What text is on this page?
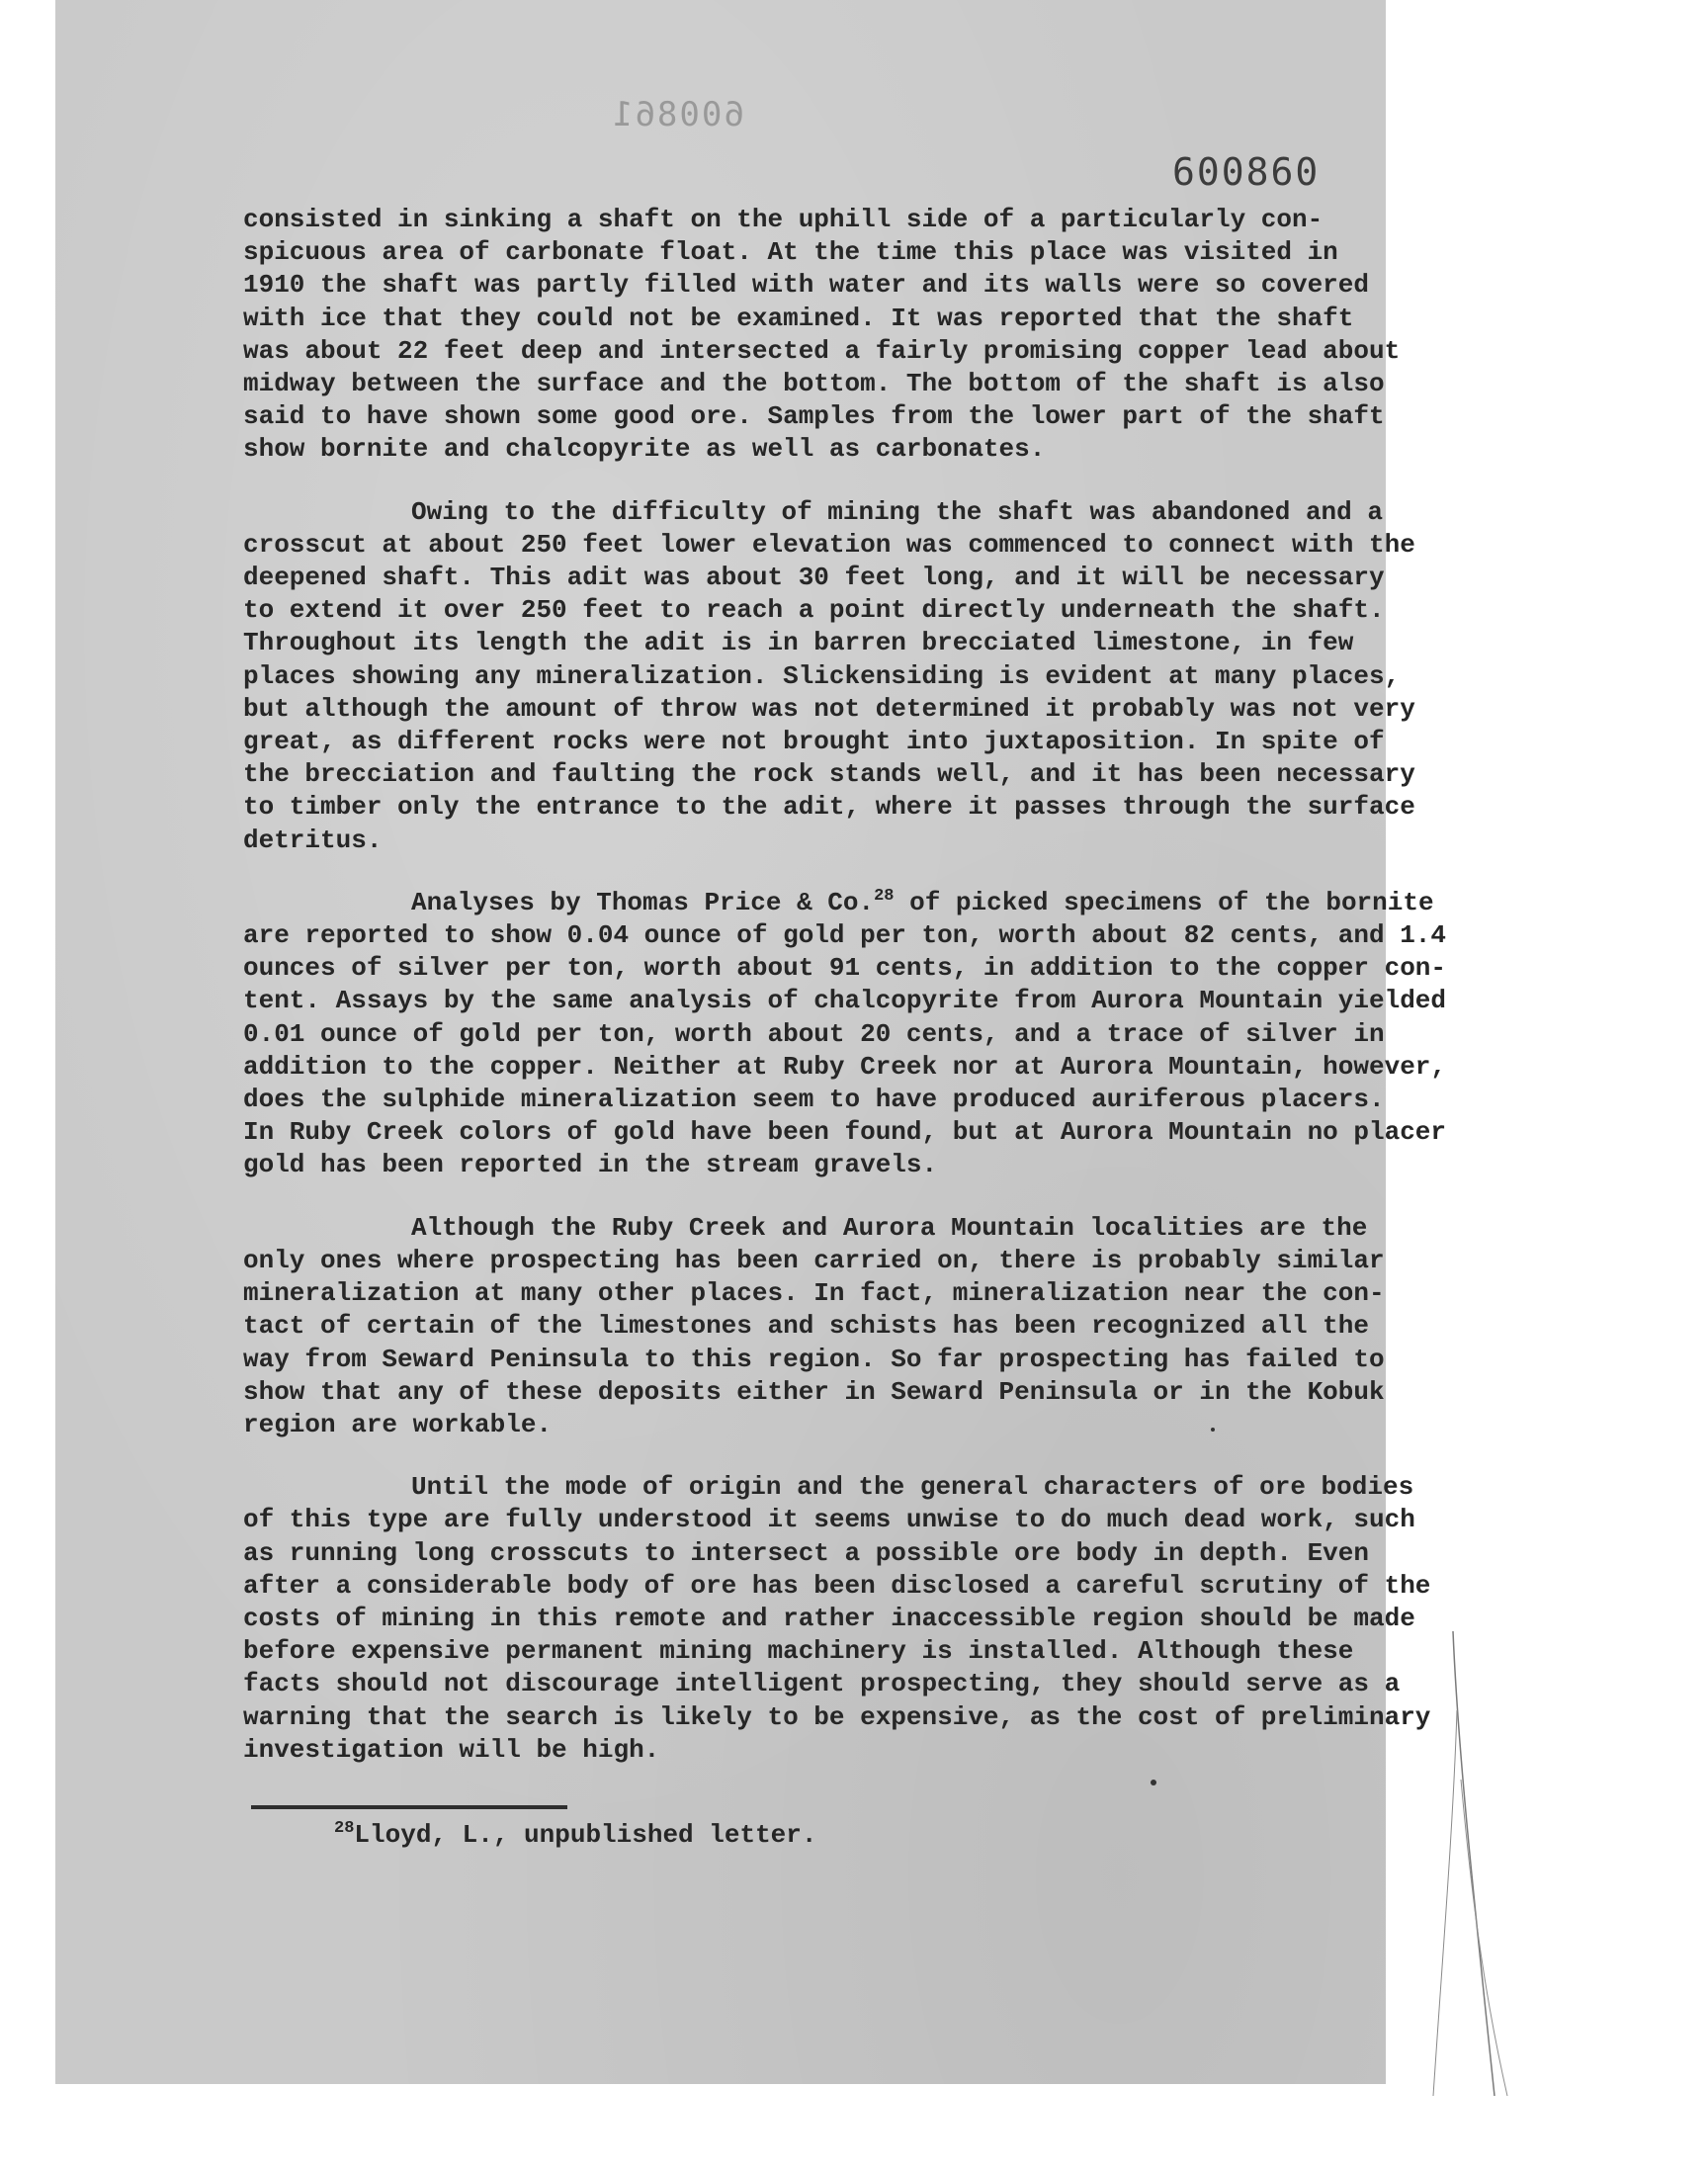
600861
600860
consisted in sinking a shaft on the uphill side of a particularly con-
spicuous area of carbonate float. At the time this place was visited in
1910 the shaft was partly filled with water and its walls were so covered
with ice that they could not be examined. It was reported that the shaft
was about 22 feet deep and intersected a fairly promising copper lead about
midway between the surface and the bottom. The bottom of the shaft is also
said to have shown some good ore. Samples from the lower part of the shaft
show bornite and chalcopyrite as well as carbonates.
Owing to the difficulty of mining the shaft was abandoned and a
crosscut at about 250 feet lower elevation was commenced to connect with the
deepened shaft. This adit was about 30 feet long, and it will be necessary
to extend it over 250 feet to reach a point directly underneath the shaft.
Throughout its length the adit is in barren brecciated limestone, in few
places showing any mineralization. Slickensiding is evident at many places,
but although the amount of throw was not determined it probably was not very
great, as different rocks were not brought into juxtaposition. In spite of
the brecciation and faulting the rock stands well, and it has been necessary
to timber only the entrance to the adit, where it passes through the surface
detritus.
Analyses by Thomas Price & Co.$^{28}$ of picked specimens of the bornite
are reported to show 0.04 ounce of gold per ton, worth about 82 cents, and 1.4
ounces of silver per ton, worth about 91 cents, in addition to the copper con-
tent. Assays by the same analysis of chalcopyrite from Aurora Mountain yielded
0.01 ounce of gold per ton, worth about 20 cents, and a trace of silver in
addition to the copper. Neither at Ruby Creek nor at Aurora Mountain, however,
does the sulphide mineralization seem to have produced auriferous placers.
In Ruby Creek colors of gold have been found, but at Aurora Mountain no placer
gold has been reported in the stream gravels.
Although the Ruby Creek and Aurora Mountain localities are the
only ones where prospecting has been carried on, there is probably similar
mineralization at many other places. In fact, mineralization near the con-
tact of certain of the limestones and schists has been recognized all the
way from Seward Peninsula to this region. So far prospecting has failed to
show that any of these deposits either in Seward Peninsula or in the Kobuk
region are workable.
Until the mode of origin and the general characters of ore bodies
of this type are fully understood it seems unwise to do much dead work, such
as running long crosscuts to intersect a possible ore body in depth. Even
after a considerable body of ore has been disclosed a careful scrutiny of the
costs of mining in this remote and rather inaccessible region should be made
before expensive permanent mining machinery is installed. Although these
facts should not discourage intelligent prospecting, they should serve as a
warning that the search is likely to be expensive, as the cost of preliminary
investigation will be high.
$^{28}$Lloyd, L., unpublished letter.
